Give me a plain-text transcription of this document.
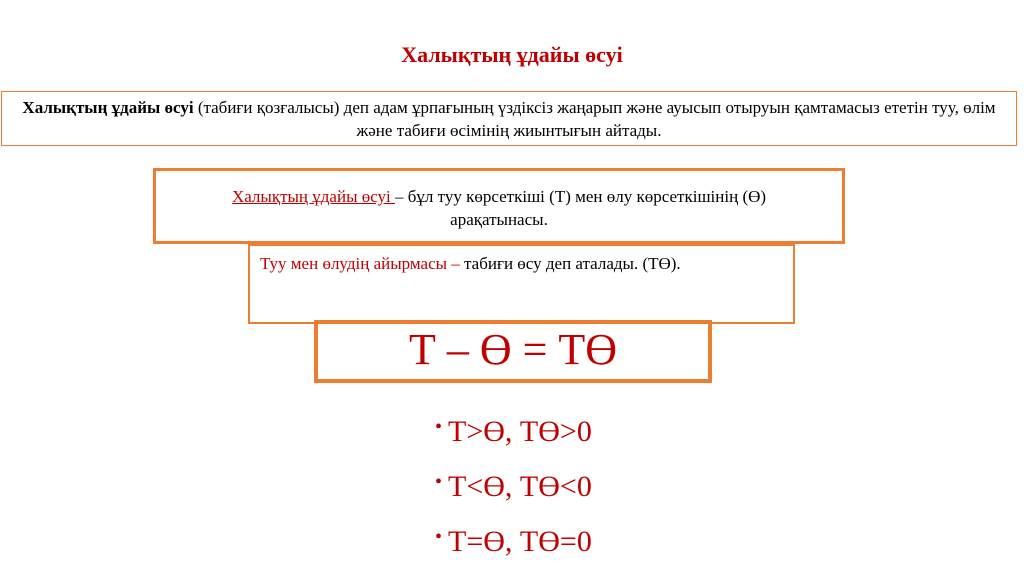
Халықтың ұдайы өсуі
Халықтың ұдайы өсуі (табиғи қозғалысы) деп адам ұрпағының үздіксіз жаңарып және ауысып отыруын қамтамасыз ететін туу, өлім және табиғи өсімінің жиынтығын айтады.
Халықтың ұдайы өсуі – бұл туу көрсеткіші (Т) мен өлу көрсеткішінің (Ө) арақатынасы.
Туу мен өлудің айырмасы – табиғи өсу деп аталады. (ТӨ).
Т – Ө = ТӨ
• Т>Ө, ТӨ>0
• Т<Ө, ТӨ<0
• Т=Ө, ТӨ=0
